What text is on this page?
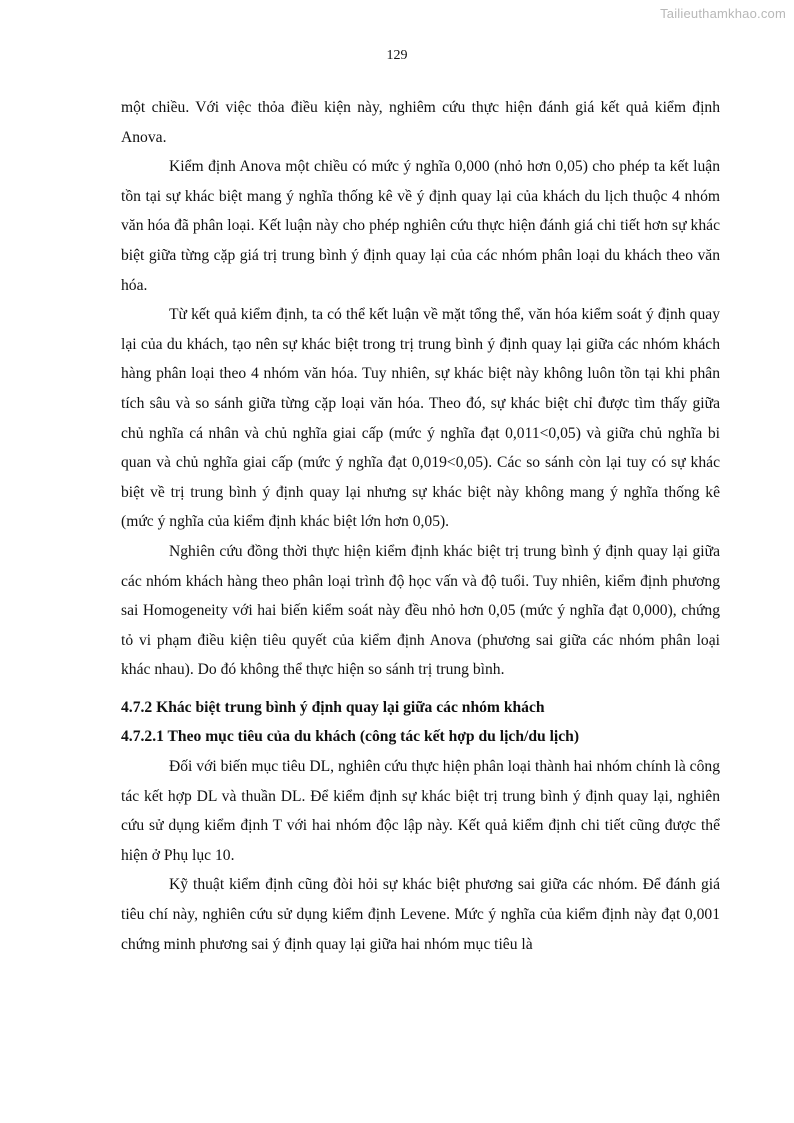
Tailieuthamkhao.com
129

một chiều. Với việc thỏa điều kiện này, nghiêm cứu thực hiện đánh giá kết quả kiểm định Anova.

Kiểm định Anova một chiều có mức ý nghĩa 0,000 (nhỏ hơn 0,05) cho phép ta kết luận tồn tại sự khác biệt mang ý nghĩa thống kê về ý định quay lại của khách du lịch thuộc 4 nhóm văn hóa đã phân loại. Kết luận này cho phép nghiên cứu thực hiện đánh giá chi tiết hơn sự khác biệt giữa từng cặp giá trị trung bình ý định quay lại của các nhóm phân loại du khách theo văn hóa.

Từ kết quả kiểm định, ta có thể kết luận về mặt tổng thể, văn hóa kiểm soát ý định quay lại của du khách, tạo nên sự khác biệt trong trị trung bình ý định quay lại giữa các nhóm khách hàng phân loại theo 4 nhóm văn hóa. Tuy nhiên, sự khác biệt này không luôn tồn tại khi phân tích sâu và so sánh giữa từng cặp loại văn hóa. Theo đó, sự khác biệt chỉ được tìm thấy giữa chủ nghĩa cá nhân và chủ nghĩa giai cấp (mức ý nghĩa đạt 0,011<0,05) và giữa chủ nghĩa bi quan và chủ nghĩa giai cấp (mức ý nghĩa đạt 0,019<0,05). Các so sánh còn lại tuy có sự khác biệt về trị trung bình ý định quay lại nhưng sự khác biệt này không mang ý nghĩa thống kê (mức ý nghĩa của kiểm định khác biệt lớn hơn 0,05).

Nghiên cứu đồng thời thực hiện kiểm định khác biệt trị trung bình ý định quay lại giữa các nhóm khách hàng theo phân loại trình độ học vấn và độ tuổi. Tuy nhiên, kiểm định phương sai Homogeneity với hai biến kiểm soát này đều nhỏ hơn 0,05 (mức ý nghĩa đạt 0,000), chứng tỏ vi phạm điều kiện tiêu quyết của kiểm định Anova (phương sai giữa các nhóm phân loại khác nhau). Do đó không thể thực hiện so sánh trị trung bình.

4.7.2 Khác biệt trung bình ý định quay lại giữa các nhóm khách
4.7.2.1 Theo mục tiêu của du khách (công tác kết hợp du lịch/du lịch)

Đối với biến mục tiêu DL, nghiên cứu thực hiện phân loại thành hai nhóm chính là công tác kết hợp DL và thuần DL. Để kiểm định sự khác biệt trị trung bình ý định quay lại, nghiên cứu sử dụng kiểm định T với hai nhóm độc lập này. Kết quả kiểm định chi tiết cũng được thể hiện ở Phụ lục 10.

Kỹ thuật kiểm định cũng đòi hỏi sự khác biệt phương sai giữa các nhóm. Để đánh giá tiêu chí này, nghiên cứu sử dụng kiểm định Levene. Mức ý nghĩa của kiểm định này đạt 0,001 chứng minh phương sai ý định quay lại giữa hai nhóm mục tiêu là
